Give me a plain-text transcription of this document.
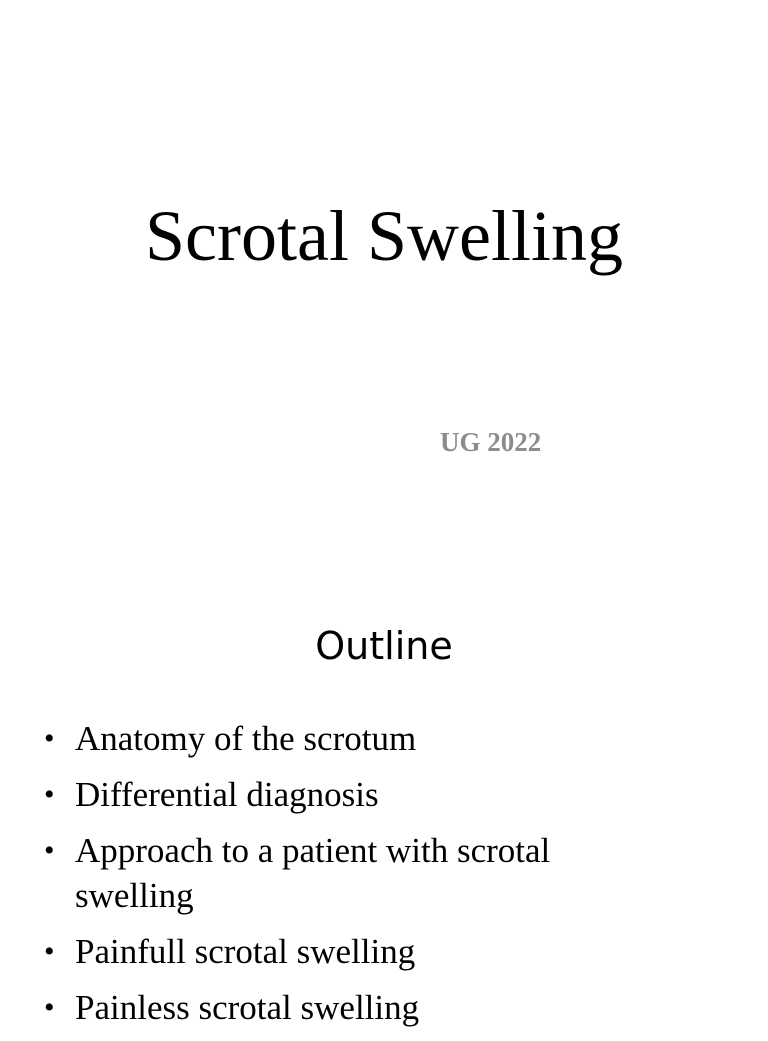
Scrotal Swelling
UG 2022
Outline
• Anatomy of the scrotum
• Differential diagnosis
• Approach to a patient with scrotal swelling
• Painfull scrotal swelling
• Painless scrotal swelling
